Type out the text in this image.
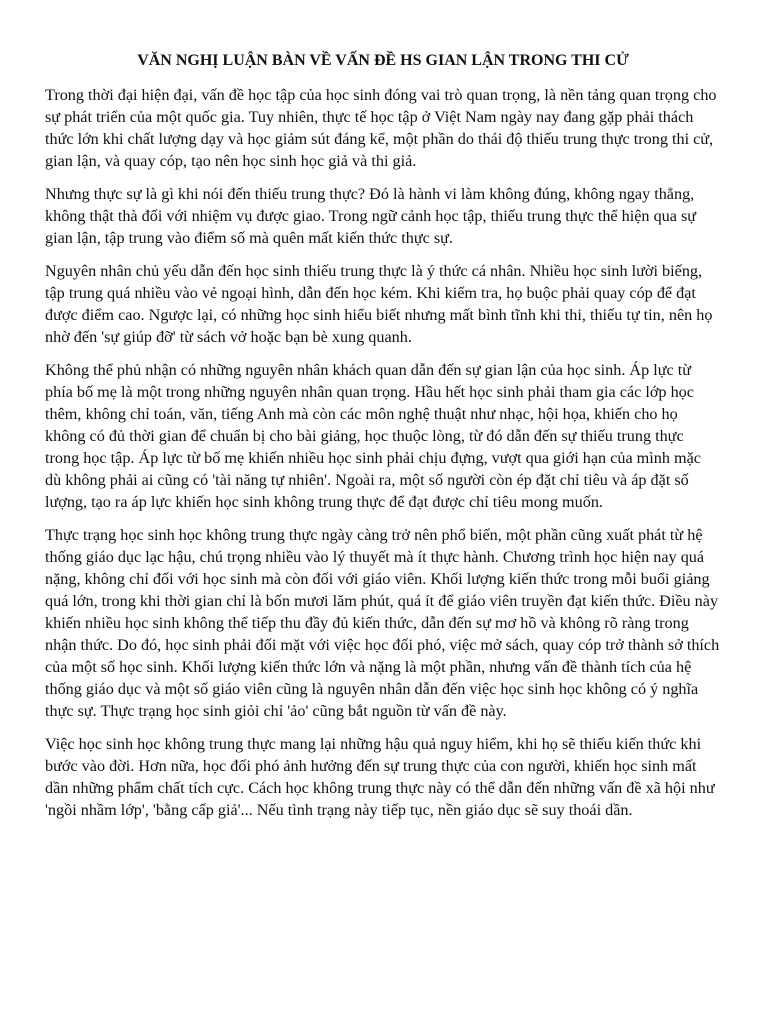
VĂN NGHỊ LUẬN BÀN VỀ VẤN ĐỀ HS GIAN LẬN TRONG THI CỬ

Trong thời đại hiện đại, vấn đề học tập của học sinh đóng vai trò quan trọng, là nền tảng quan trọng cho sự phát triển của một quốc gia. Tuy nhiên, thực tế học tập ở Việt Nam ngày nay đang gặp phải thách thức lớn khi chất lượng dạy và học giảm sút đáng kể, một phần do thái độ thiếu trung thực trong thi cử, gian lận, và quay cóp, tạo nên học sinh học giả và thi giả.

Nhưng thực sự là gì khi nói đến thiếu trung thực? Đó là hành vi làm không đúng, không ngay thẳng, không thật thà đối với nhiệm vụ được giao. Trong ngữ cảnh học tập, thiếu trung thực thể hiện qua sự gian lận, tập trung vào điểm số mà quên mất kiến thức thực sự.

Nguyên nhân chủ yếu dẫn đến học sinh thiếu trung thực là ý thức cá nhân. Nhiều học sinh lười biếng, tập trung quá nhiều vào vẻ ngoại hình, dẫn đến học kém. Khi kiểm tra, họ buộc phải quay cóp để đạt được điểm cao. Ngược lại, có những học sinh hiểu biết nhưng mất bình tĩnh khi thi, thiếu tự tin, nên họ nhờ đến 'sự giúp đỡ' từ sách vở hoặc bạn bè xung quanh.

Không thể phủ nhận có những nguyên nhân khách quan dẫn đến sự gian lận của học sinh. Áp lực từ phía bố mẹ là một trong những nguyên nhân quan trọng. Hầu hết học sinh phải tham gia các lớp học thêm, không chỉ toán, văn, tiếng Anh mà còn các môn nghệ thuật như nhạc, hội họa, khiến cho họ không có đủ thời gian để chuẩn bị cho bài giảng, học thuộc lòng, từ đó dẫn đến sự thiếu trung thực trong học tập. Áp lực từ bố mẹ khiến nhiều học sinh phải chịu đựng, vượt qua giới hạn của mình mặc dù không phải ai cũng có 'tài năng tự nhiên'. Ngoài ra, một số người còn ép đặt chỉ tiêu và áp đặt số lượng, tạo ra áp lực khiến học sinh không trung thực để đạt được chỉ tiêu mong muốn.

Thực trạng học sinh học không trung thực ngày càng trở nên phổ biến, một phần cũng xuất phát từ hệ thống giáo dục lạc hậu, chú trọng nhiều vào lý thuyết mà ít thực hành. Chương trình học hiện nay quá nặng, không chỉ đối với học sinh mà còn đối với giáo viên. Khối lượng kiến thức trong mỗi buổi giảng quá lớn, trong khi thời gian chỉ là bốn mươi lăm phút, quá ít để giáo viên truyền đạt kiến thức. Điều này khiến nhiều học sinh không thể tiếp thu đầy đủ kiến thức, dẫn đến sự mơ hồ và không rõ ràng trong nhận thức. Do đó, học sinh phải đối mặt với việc học đối phó, việc mở sách, quay cóp trở thành sở thích của một số học sinh. Khối lượng kiến thức lớn và nặng là một phần, nhưng vấn đề thành tích của hệ thống giáo dục và một số giáo viên cũng là nguyên nhân dẫn đến việc học sinh học không có ý nghĩa thực sự. Thực trạng học sinh giỏi chỉ 'ảo' cũng bắt nguồn từ vấn đề này.

Việc học sinh học không trung thực mang lại những hậu quả nguy hiểm, khi họ sẽ thiếu kiến thức khi bước vào đời. Hơn nữa, học đối phó ảnh hưởng đến sự trung thực của con người, khiến học sinh mất dần những phẩm chất tích cực. Cách học không trung thực này có thể dẫn đến những vấn đề xã hội như 'ngồi nhầm lớp', 'bằng cấp giả'... Nếu tình trạng này tiếp tục, nền giáo dục sẽ suy thoái dần.
